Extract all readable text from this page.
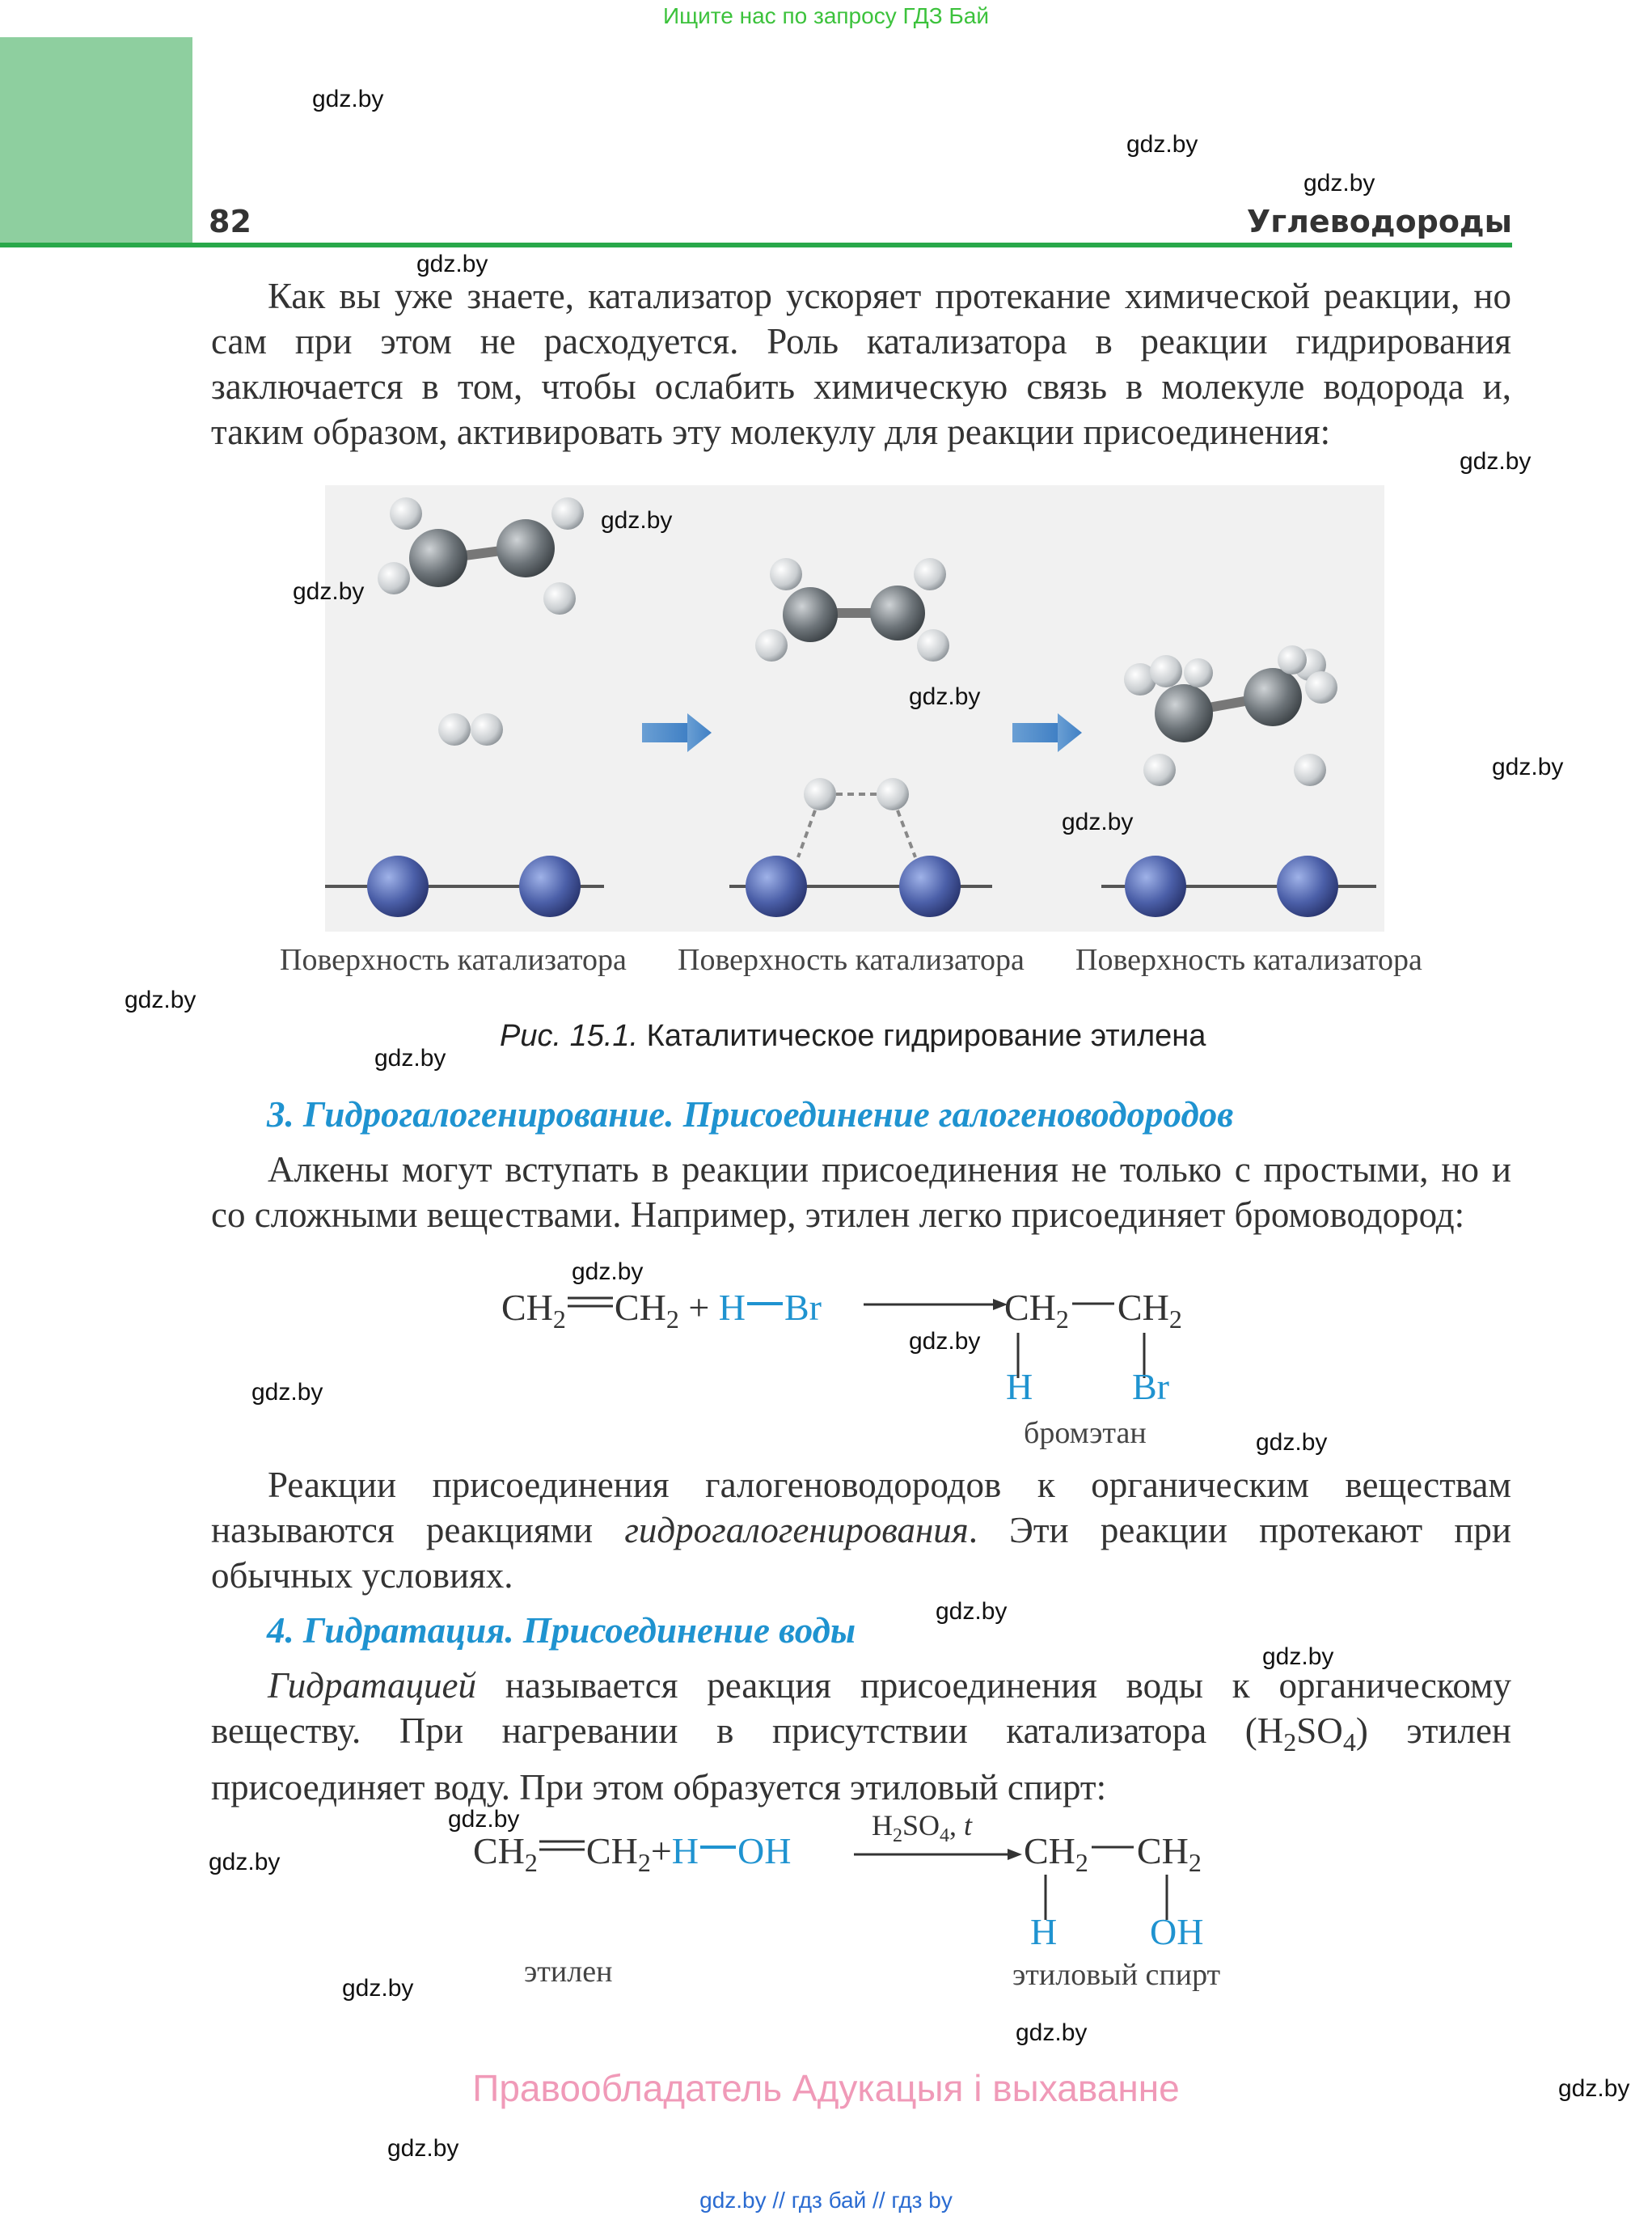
Ищите нас по запросу ГДЗ Бай
82	Углеводороды

Как вы уже знаете, катализатор ускоряет протекание химической реакции, но сам при этом не расходуется. Роль катализатора в реакции гидрирования заключается в том, чтобы ослабить химическую связь в молекуле водорода и, таким образом, активировать эту молекулу для реакции присоединения:

Поверхность катализатора Поверхность катализатора Поверхность катализатора
Рис. 15.1. Каталитическое гидрирование этилена
3. Гидрогалогенирование. Присоединение галогеноводородов

Алкены могут вступать в реакции присоединения не только с простыми, но и со сложными веществами. Например, этилен легко присоединяет бромоводород:

$CH_2$ $CH_2 + H$ Br	$CH_2$ $CH_2$
H	Br
бромэтан

Реакции присоединения галогеноводородов к органическим веществам называются реакциями гидрогалогенирования. Эти реакции протекают при обычных условиях.

4. Гидратация. Присоединение воды

Гидратацией называется реакция присоединения воды к органическому веществу. При нагревании в присутствии катализатора $(H_2SO_4)$ этилен присоединяет воду. При этом образуется этиловый спирт:

$CH_2$ $CH_2+H$ OH
$H_2SO_4$, t
$CH_2$ $CH_2$
H OH
этилен	этиловый спирт
Правообладатель Адукацыя і выхаванне
gdz.by // гдз бай // гдз by
gdz.by
gdz.by
gdz.by
gdz.by
gdz.by
gdz.by
gdz.by
gdz.by
gdz.by
gdz.by
gdz.by
gdz.by
gdz.by
gdz.by
gdz.by
gdz.by
gdz.by
gdz.by
gdz.by
gdz.by
gdz.by
gdz.by
gdz.by
gdz.by
